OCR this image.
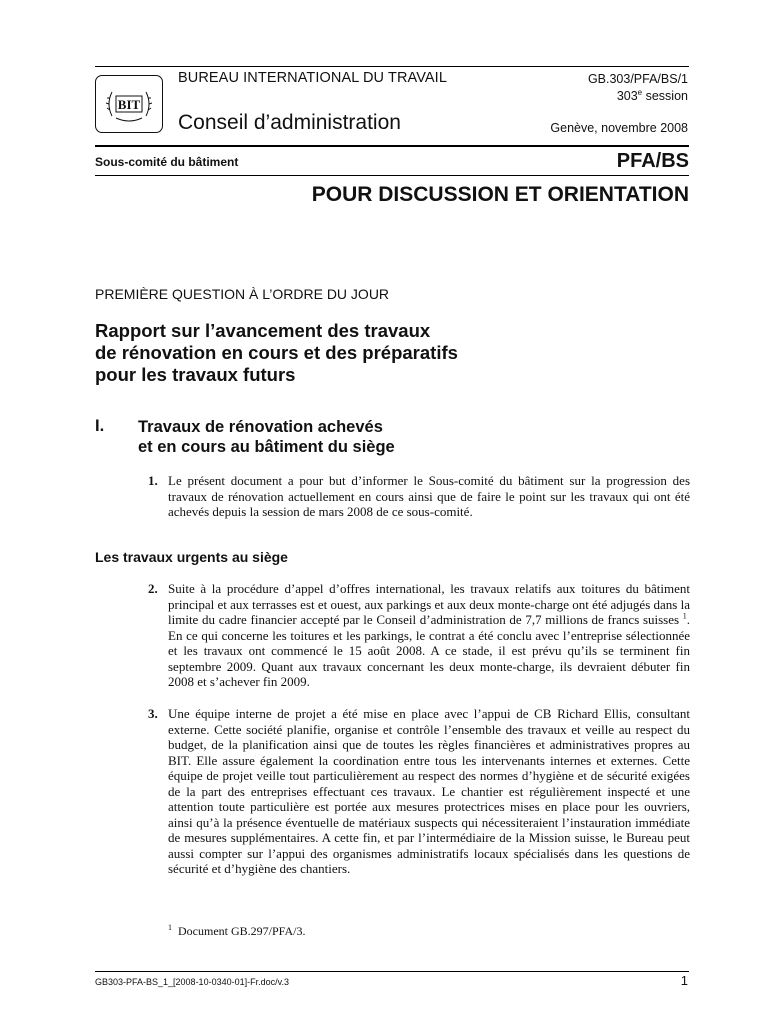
BIT
BUREAU INTERNATIONAL DU TRAVAIL
Conseil d’administration
GB.303/PFA/BS/1
303e session
Genève, novembre 2008
Sous-comité du bâtiment	PFA/BS
POUR DISCUSSION ET ORIENTATION
PREMIÈRE QUESTION À L’ORDRE DU JOUR
Rapport sur l’avancement des travaux
de rénovation en cours et des préparatifs
pour les travaux futurs
I. Travaux de rénovation achevés
et en cours au bâtiment du siège
1. Le présent document a pour but d’informer le Sous-comité du bâtiment sur la progression des travaux de rénovation actuellement en cours ainsi que de faire le point sur les travaux qui ont été achevés depuis la session de mars 2008 de ce sous-comité.
Les travaux urgents au siège
2. Suite à la procédure d’appel d’offres international, les travaux relatifs aux toitures du bâtiment principal et aux terrasses est et ouest, aux parkings et aux deux monte-charge ont été adjugés dans la limite du cadre financier accepté par le Conseil d’administration de 7,7 millions de francs suisses $^1$. En ce qui concerne les toitures et les parkings, le contrat a été conclu avec l’entreprise sélectionnée et les travaux ont commencé le 15 août 2008. A ce stade, il est prévu qu’ils se terminent fin septembre 2009. Quant aux travaux concernant les deux monte-charge, ils devraient débuter fin 2008 et s’achever fin 2009.
3. Une équipe interne de projet a été mise en place avec l’appui de CB Richard Ellis, consultant externe. Cette société planifie, organise et contrôle l’ensemble des travaux et veille au respect du budget, de la planification ainsi que de toutes les règles financières et administratives propres au BIT. Elle assure également la coordination entre tous les intervenants internes et externes. Cette équipe de projet veille tout particulièrement au respect des normes d’hygiène et de sécurité exigées de la part des entreprises effectuant ces travaux. Le chantier est régulièrement inspecté et une attention toute particulière est portée aux mesures protectrices mises en place pour les ouvriers, ainsi qu’à la présence éventuelle de matériaux suspects qui nécessiteraient l’instauration immédiate de mesures supplémentaires. A cette fin, et par l’intermédiaire de la Mission suisse, le Bureau peut aussi compter sur l’appui des organismes administratifs locaux spécialisés dans les questions de sécurité et d’hygiène des chantiers.
$^1$ Document GB.297/PFA/3.
GB303-PFA-BS_1_[2008-10-0340-01]-Fr.doc/v.3	1
